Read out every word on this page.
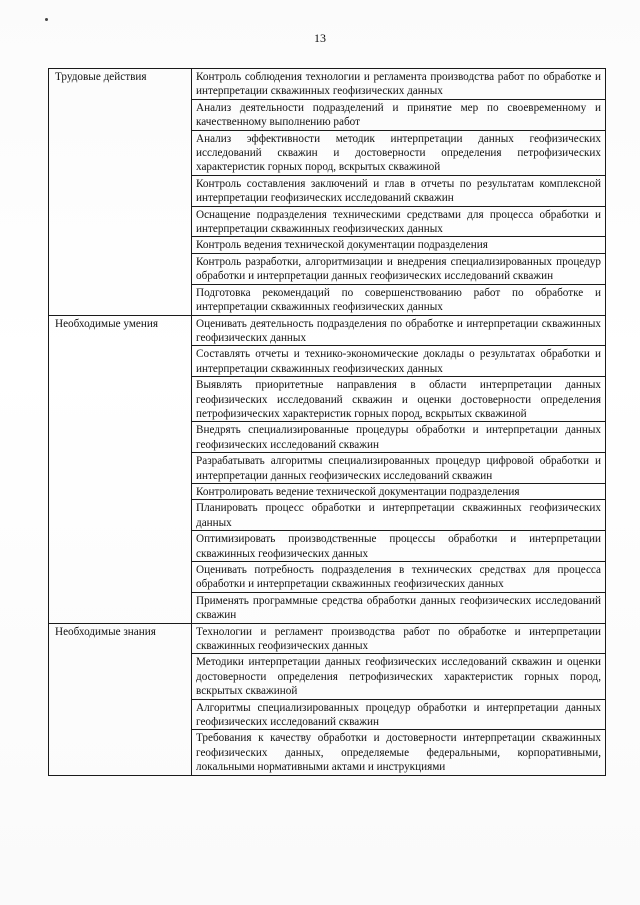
13
Трудовые действия	Контроль соблюдения технологии и регламента производства работ по обработке и интерпретации скважинных геофизических данных
	Анализ деятельности подразделений и принятие мер по своевременному и качественному выполнению работ
	Анализ эффективности методик интерпретации данных геофизических исследований скважин и достоверности определения петрофизических характеристик горных пород, вскрытых скважиной
	Контроль составления заключений и глав в отчеты по результатам комплексной интерпретации геофизических исследований скважин
	Оснащение подразделения техническими средствами для процесса обработки и интерпретации скважинных геофизических данных
	Контроль ведения технической документации подразделения
	Контроль разработки, алгоритмизации и внедрения специализированных процедур обработки и интерпретации данных геофизических исследований скважин
	Подготовка рекомендаций по совершенствованию работ по обработке и интерпретации скважинных геофизических данных
Необходимые умения	Оценивать деятельность подразделения по обработке и интерпретации скважинных геофизических данных
	Составлять отчеты и технико-экономические доклады о результатах обработки и интерпретации скважинных геофизических данных
	Выявлять приоритетные направления в области интерпретации данных геофизических исследований скважин и оценки достоверности определения петрофизических характеристик горных пород, вскрытых скважиной
	Внедрять специализированные процедуры обработки и интерпретации данных геофизических исследований скважин
	Разрабатывать алгоритмы специализированных процедур цифровой обработки и интерпретации данных геофизических исследований скважин
	Контролировать ведение технической документации подразделения
	Планировать процесс обработки и интерпретации скважинных геофизических данных
	Оптимизировать производственные процессы обработки и интерпретации скважинных геофизических данных
	Оценивать потребность подразделения в технических средствах для процесса обработки и интерпретации скважинных геофизических данных
	Применять программные средства обработки данных геофизических исследований скважин
Необходимые знания	Технологии и регламент производства работ по обработке и интерпретации скважинных геофизических данных
	Методики интерпретации данных геофизических исследований скважин и оценки достоверности определения петрофизических характеристик горных пород, вскрытых скважиной
	Алгоритмы специализированных процедур обработки и интерпретации данных геофизических исследований скважин
	Требования к качеству обработки и достоверности интерпретации скважинных геофизических данных, определяемые федеральными, корпоративными, локальными нормативными актами и инструкциями
